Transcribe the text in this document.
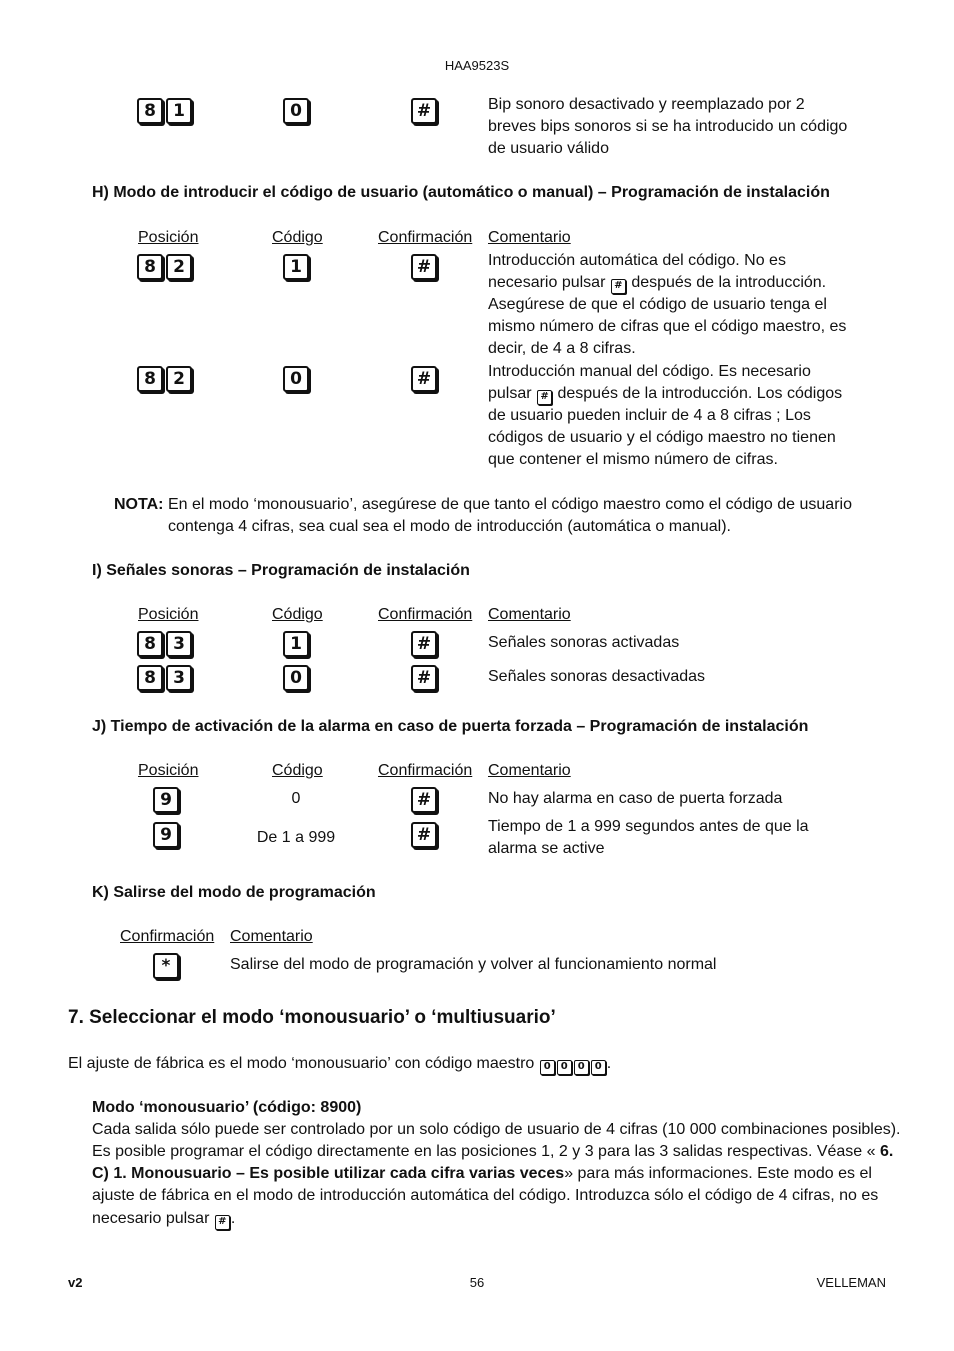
HAA9523S
8	1	0	#	Bip sonoro desactivado y reemplazado por 2
breves bips sonoros si se ha introducido un código
de usuario válido
H) Modo de introducir el código de usuario (automático o manual) – Programación de instalación
Posición	Código	Confirmación Comentario
8	2	1	#	Introducción automática del código. No es
necesario pulsar # después de la introducción.
Asegúrese de que el código de usuario tenga el
mismo número de cifras que el código maestro, es
decir, de 4 a 8 cifras.
8	2	0	#	Introducción manual del código. Es necesario
pulsar # después de la introducción. Los códigos
de usuario pueden incluir de 4 a 8 cifras ; Los
códigos de usuario y el código maestro no tienen
que contener el mismo número de cifras.
NOTA: En el modo ‘monousuario’, asegúrese de que tanto el código maestro como el código de usuario
contenga 4 cifras, sea cual sea el modo de introducción (automática o manual).
I) Señales sonoras – Programación de instalación
Posición	Código	Confirmación Comentario
8	3	1	#	Señales sonoras activadas
8	3	0	#	Señales sonoras desactivadas
J) Tiempo de activación de la alarma en caso de puerta forzada – Programación de instalación
Posición	Código	Confirmación Comentario
9	0	#	No hay alarma en caso de puerta forzada
9	De 1 a 999	#	Tiempo de 1 a 999 segundos antes de que la
alarma se active
K) Salirse del modo de programación
Confirmación Comentario
*	Salirse del modo de programación y volver al funcionamiento normal
7. Seleccionar el modo ‘monousuario’ o ‘multiusuario’
El ajuste de fábrica es el modo ‘monousuario’ con código maestro 0 0 0 0 .
Modo ‘monousuario’ (código: 8900)
Cada salida sólo puede ser controlado por un solo código de usuario de 4 cifras (10 000 combinaciones posibles).
Es posible programar el código directamente en las posiciones 1, 2 y 3 para las 3 salidas respectivas. Véase « 6.
C) 1. Monousuario – Es posible utilizar cada cifra varias veces» para más informaciones. Este modo es el
ajuste de fábrica en el modo de introducción automática del código. Introduzca sólo el código de 4 cifras, no es
necesario pulsar # .
v2	56	VELLEMAN
